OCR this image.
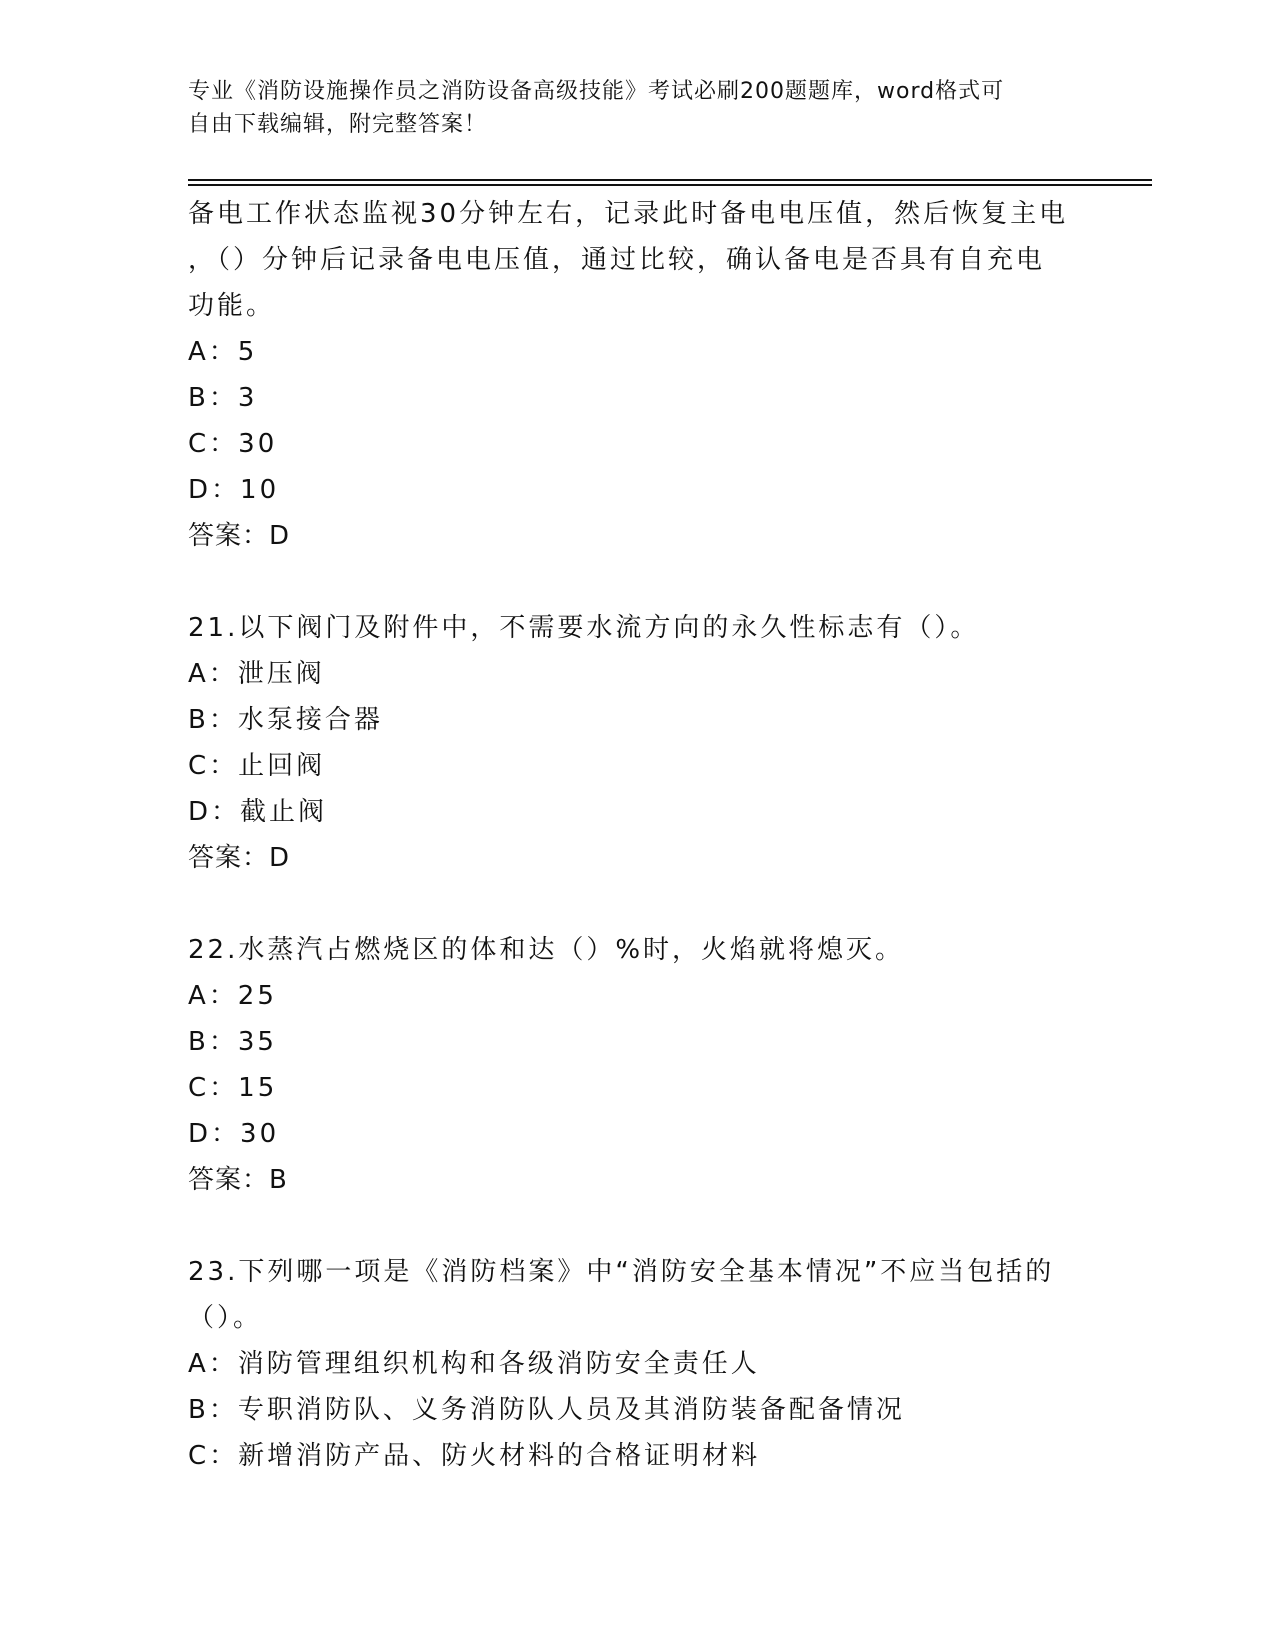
专业《消防设施操作员之消防设备高级技能》考试必刷200题题库，word格式可
自由下载编辑，附完整答案！
备电工作状态监视30分钟左右，记录此时备电电压值，然后恢复主电
，（）分钟后记录备电电压值，通过比较，确认备电是否具有自充电
功能。
A：5
B：3
C：30
D：10
答案：D
21.以下阀门及附件中，不需要水流方向的永久性标志有（）。
A：泄压阀
B：水泵接合器
C：止回阀
D：截止阀
答案：D
22.水蒸汽占燃烧区的体和达（）%时，火焰就将熄灭。
A：25
B：35
C：15
D：30
答案：B
23.下列哪一项是《消防档案》中“消防安全基本情况”不应当包括的
（）。
A：消防管理组织机构和各级消防安全责任人
B：专职消防队、义务消防队人员及其消防装备配备情况
C：新增消防产品、防火材料的合格证明材料
